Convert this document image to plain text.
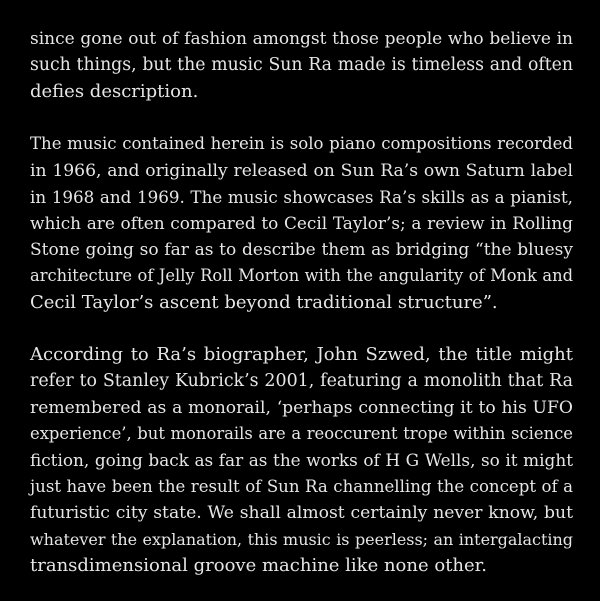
since gone out of fashion amongst those people who believe in
such things, but the music Sun Ra made is timeless and often
defies description.
The music contained herein is solo piano compositions recorded
in 1966, and originally released on Sun Ra’s own Saturn label
in 1968 and 1969. The music showcases Ra’s skills as a pianist,
which are often compared to Cecil Taylor’s; a review in Rolling
Stone going so far as to describe them as bridging “the bluesy
architecture of Jelly Roll Morton with the angularity of Monk and
Cecil Taylor’s ascent beyond traditional structure”.
According to Ra’s biographer, John Szwed, the title might
refer to Stanley Kubrick’s 2001, featuring a monolith that Ra
remembered as a monorail, ‘perhaps connecting it to his UFO
experience’, but monorails are a reoccurent trope within science
fiction, going back as far as the works of H G Wells, so it might
just have been the result of Sun Ra channelling the concept of a
futuristic city state. We shall almost certainly never know, but
whatever the explanation, this music is peerless; an intergalacting
transdimensional groove machine like none other.
